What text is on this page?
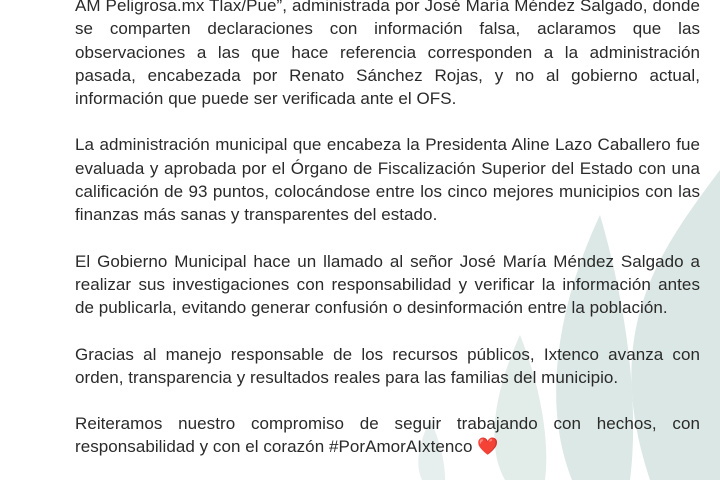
AM Peligrosa.mx Tlax/Pue”, administrada por José María Méndez Salgado, donde se comparten declaraciones con información falsa, aclaramos que las observaciones a las que hace referencia corresponden a la administración pasada, encabezada por Renato Sánchez Rojas, y no al gobierno actual, información que puede ser verificada ante el OFS.

La administración municipal que encabeza la Presidenta Aline Lazo Caballero fue evaluada y aprobada por el Órgano de Fiscalización Superior del Estado con una calificación de 93 puntos, colocándose entre los cinco mejores municipios con las finanzas más sanas y transparentes del estado.

El Gobierno Municipal hace un llamado al señor José María Méndez Salgado a realizar sus investigaciones con responsabilidad y verificar la información antes de publicarla, evitando generar confusión o desinformación entre la población.

Gracias al manejo responsable de los recursos públicos, Ixtenco avanza con orden, transparencia y resultados reales para las familias del municipio.

Reiteramos nuestro compromiso de seguir trabajando con hechos, con responsabilidad y con el corazón #PorAmorAIxtenco ❤️
